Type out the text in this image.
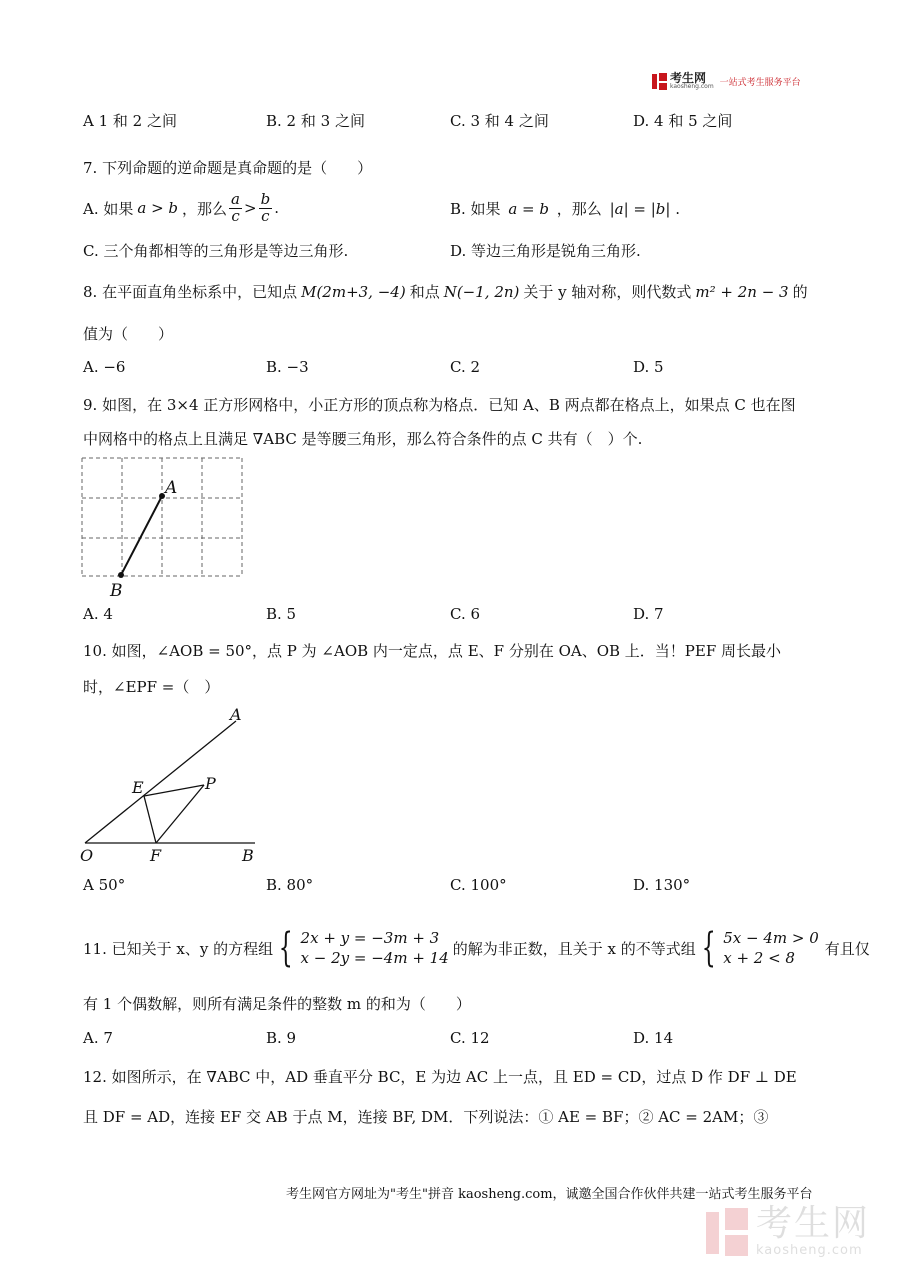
考生网
kaosheng.com 一站式考生服务平台
A 1 和 2 之间	B. 2 和 3 之间	C. 3 和 4 之间	D. 4 和 5 之间
7. 下列命题的逆命题是真命题的是（　　）
A. 如果 a > b ，那么 $\frac{a}{c} > \frac{b}{c}$ .	B. 如果 a = b ，那么 |a| = |b| .
C. 三个角都相等的三角形是等边三角形.	D. 等边三角形是锐角三角形.
8. 在平面直角坐标系中，已知点 M(2m+3, −4) 和点 N(−1, 2n) 关于 y 轴对称，则代数式 m² + 2n − 3 的
值为（　　）
A. −6	B. −3	C. 2	D. 5
9. 如图，在 3×4 正方形网格中，小正方形的顶点称为格点．已知 A、B 两点都在格点上，如果点 C 也在图
中网格中的格点上且满足 ∇ABC 是等腰三角形，那么符合条件的点 C 共有（　）个.
A
B
A. 4	B. 5	C. 6	D. 7
10. 如图，∠AOB = 50°，点 P 为 ∠AOB 内一定点，点 E、F 分别在 OA、OB 上．当！PEF 周长最小
时，∠EPF =（　）
A
E	P
O	F	B
A 50°	B. 80°	C. 100°	D. 130°
11. 已知关于 x、y 的方程组 { 2x + y = −3m + 3
x − 2y = −4m + 14
的解为非正数，且关于 x 的不等式组 { 5x − 4m > 0
x + 2 < 8
有且仅
有 1 个偶数解，则所有满足条件的整数 m 的和为（　　）
A. 7	B. 9	C. 12	D. 14
12. 如图所示，在 ∇ABC 中，AD 垂直平分 BC，E 为边 AC 上一点，且 ED = CD，过点 D 作 DF ⊥ DE
且 DF = AD，连接 EF 交 AB 于点 M，连接 BF, DM．下列说法：① AE = BF；② AC = 2AM；③
考生网官方网址为"考生"拼音 kaosheng.com，诚邀全国合作伙伴共建一站式考生服务平台
考生网
kaosheng.com
